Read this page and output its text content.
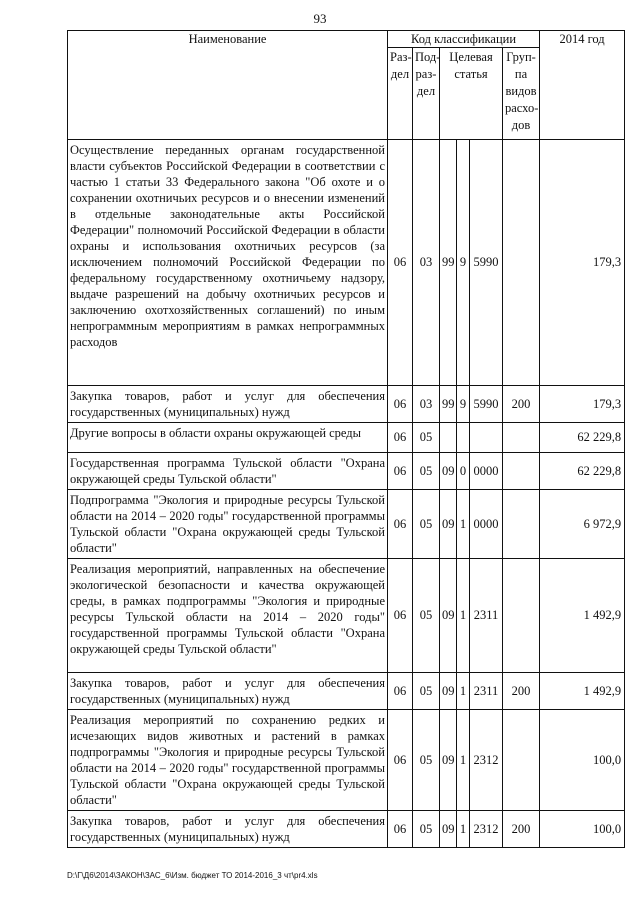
93
Наименование	Код классификации						2014 год
	Раз-дел	Под-раз-дел	Целевая статья			Груп-па видов расхо-дов	
Осуществление переданных органам государственной власти субъектов Российской Федерации в соответствии с частью 1 статьи 33 Федерального закона "Об охоте и о сохранении охотничьих ресурсов и о внесении изменений в отдельные законодательные акты Российской Федерации" полномочий Российской Федерации в области охраны и использования охотничьих ресурсов (за исключением полномочий Российской Федерации по федеральному государственному охотничьему надзору, выдаче разрешений на добычу охотничьих ресурсов и заключению охотхозяйственных соглашений) по иным непрограммным мероприятиям в рамках непрограммных расходов	06	03	99	9	5990		179,3
Закупка товаров, работ и услуг для обеспечения государственных (муниципальных) нужд	06	03	99	9	5990	200	179,3
Другие вопросы в области охраны окружающей среды	06	05					62 229,8
Государственная программа Тульской области "Охрана окружающей среды Тульской области"	06	05	09	0	0000		62 229,8
Подпрограмма "Экология и природные ресурсы Тульской области на 2014 – 2020 годы" государственной программы Тульской области "Охрана окружающей среды Тульской области"	06	05	09	1	0000		6 972,9
Реализация мероприятий, направленных на обеспечение экологической безопасности и качества окружающей среды, в рамках подпрограммы "Экология и природные ресурсы Тульской области на 2014 – 2020 годы" государственной программы Тульской области "Охрана окружающей среды Тульской области"	06	05	09	1	2311		1 492,9
Закупка товаров, работ и услуг для обеспечения государственных (муниципальных) нужд	06	05	09	1	2311	200	1 492,9
Реализация мероприятий по сохранению редких и исчезающих видов животных и растений в рамках подпрограммы "Экология и природные ресурсы Тульской области на 2014 – 2020 годы" государственной программы Тульской области "Охрана окружающей среды Тульской области"	06	05	09	1	2312		100,0
Закупка товаров, работ и услуг для обеспечения государственных (муниципальных) нужд	06	05	09	1	2312	200	100,0
D:\Г\Д6\2014\ЗАКОН\ЗАС_6\Изм. бюджет ТО 2014-2016_3 чт\pr4.xls
